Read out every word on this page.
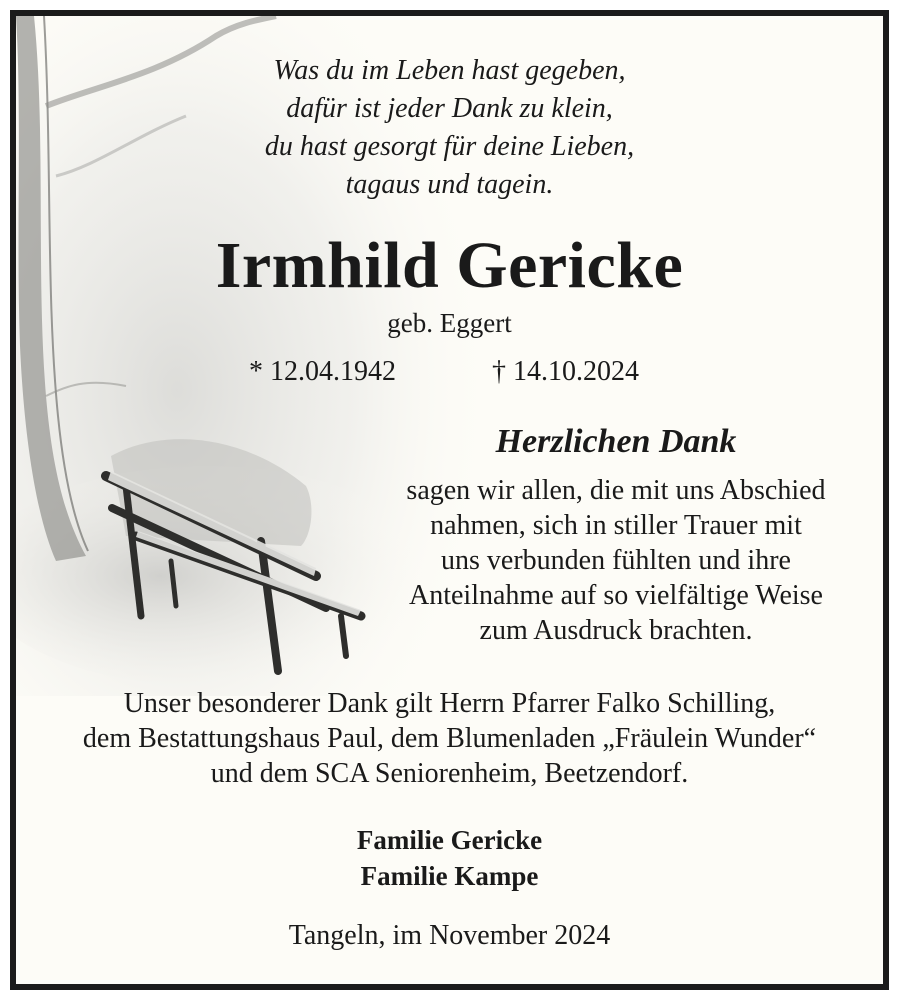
Was du im Leben hast gegeben,
dafür ist jeder Dank zu klein,
du hast gesorgt für deine Lieben,
tagaus und tagein.
Irmhild Gericke
geb. Eggert
* 12.04.1942	† 14.10.2024
Herzlichen Dank
sagen wir allen, die mit uns Abschied
nahmen, sich in stiller Trauer mit
uns verbunden fühlten und ihre
Anteilnahme auf so vielfältige Weise
zum Ausdruck brachten.
Unser besonderer Dank gilt Herrn Pfarrer Falko Schilling,
dem Bestattungshaus Paul, dem Blumenladen „Fräulein Wunder“
und dem SCA Seniorenheim, Beetzendorf.
Familie Gericke
Familie Kampe
Tangeln, im November 2024
